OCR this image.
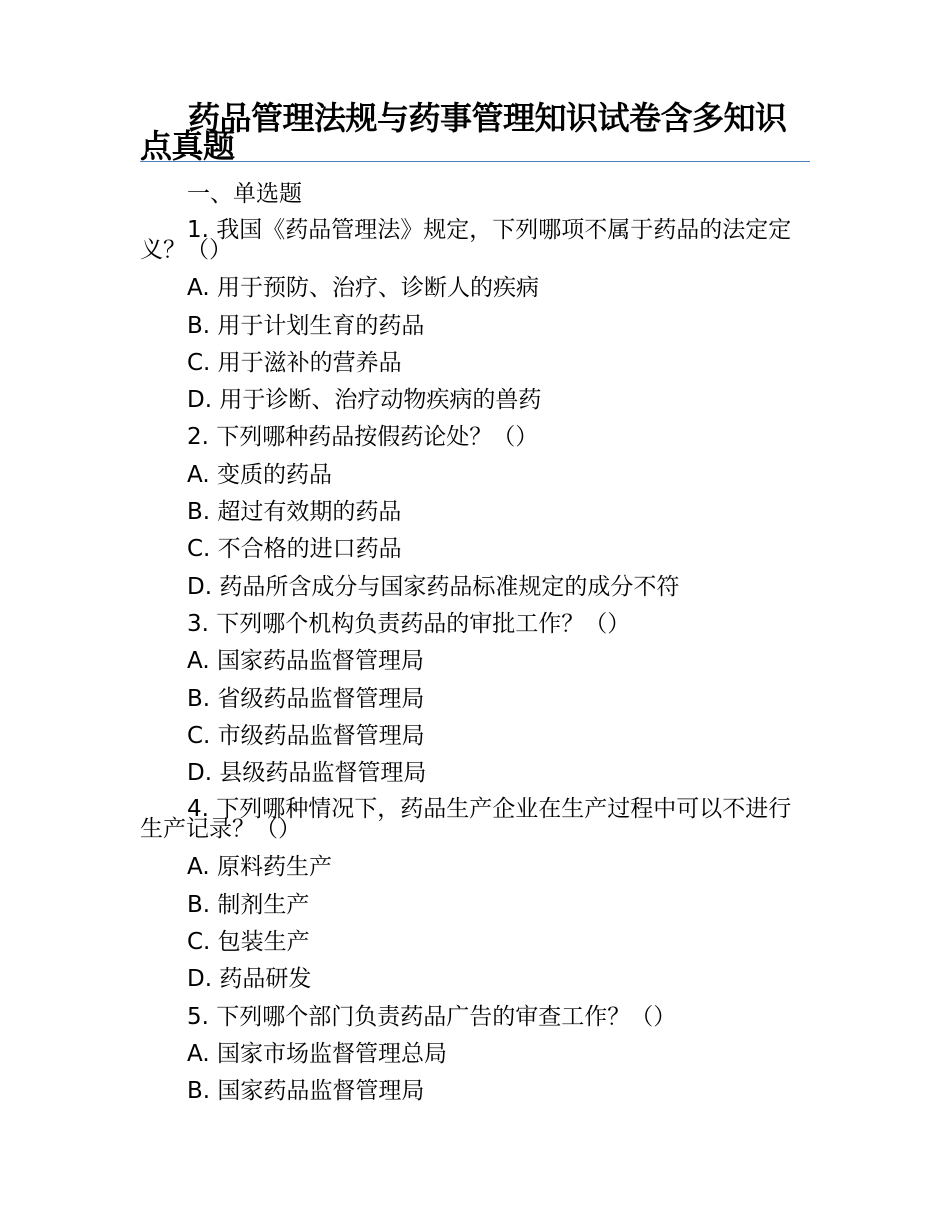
药品管理法规与药事管理知识试卷含多知识点真题
一、单选题
1. 我国《药品管理法》规定，下列哪项不属于药品的法定定义？（）
A. 用于预防、治疗、诊断人的疾病
B. 用于计划生育的药品
C. 用于滋补的营养品
D. 用于诊断、治疗动物疾病的兽药
2. 下列哪种药品按假药论处？（）
A. 变质的药品
B. 超过有效期的药品
C. 不合格的进口药品
D. 药品所含成分与国家药品标准规定的成分不符
3. 下列哪个机构负责药品的审批工作？（）
A. 国家药品监督管理局
B. 省级药品监督管理局
C. 市级药品监督管理局
D. 县级药品监督管理局
4. 下列哪种情况下，药品生产企业在生产过程中可以不进行生产记录？（）
A. 原料药生产
B. 制剂生产
C. 包装生产
D. 药品研发
5. 下列哪个部门负责药品广告的审查工作？（）
A. 国家市场监督管理总局
B. 国家药品监督管理局
